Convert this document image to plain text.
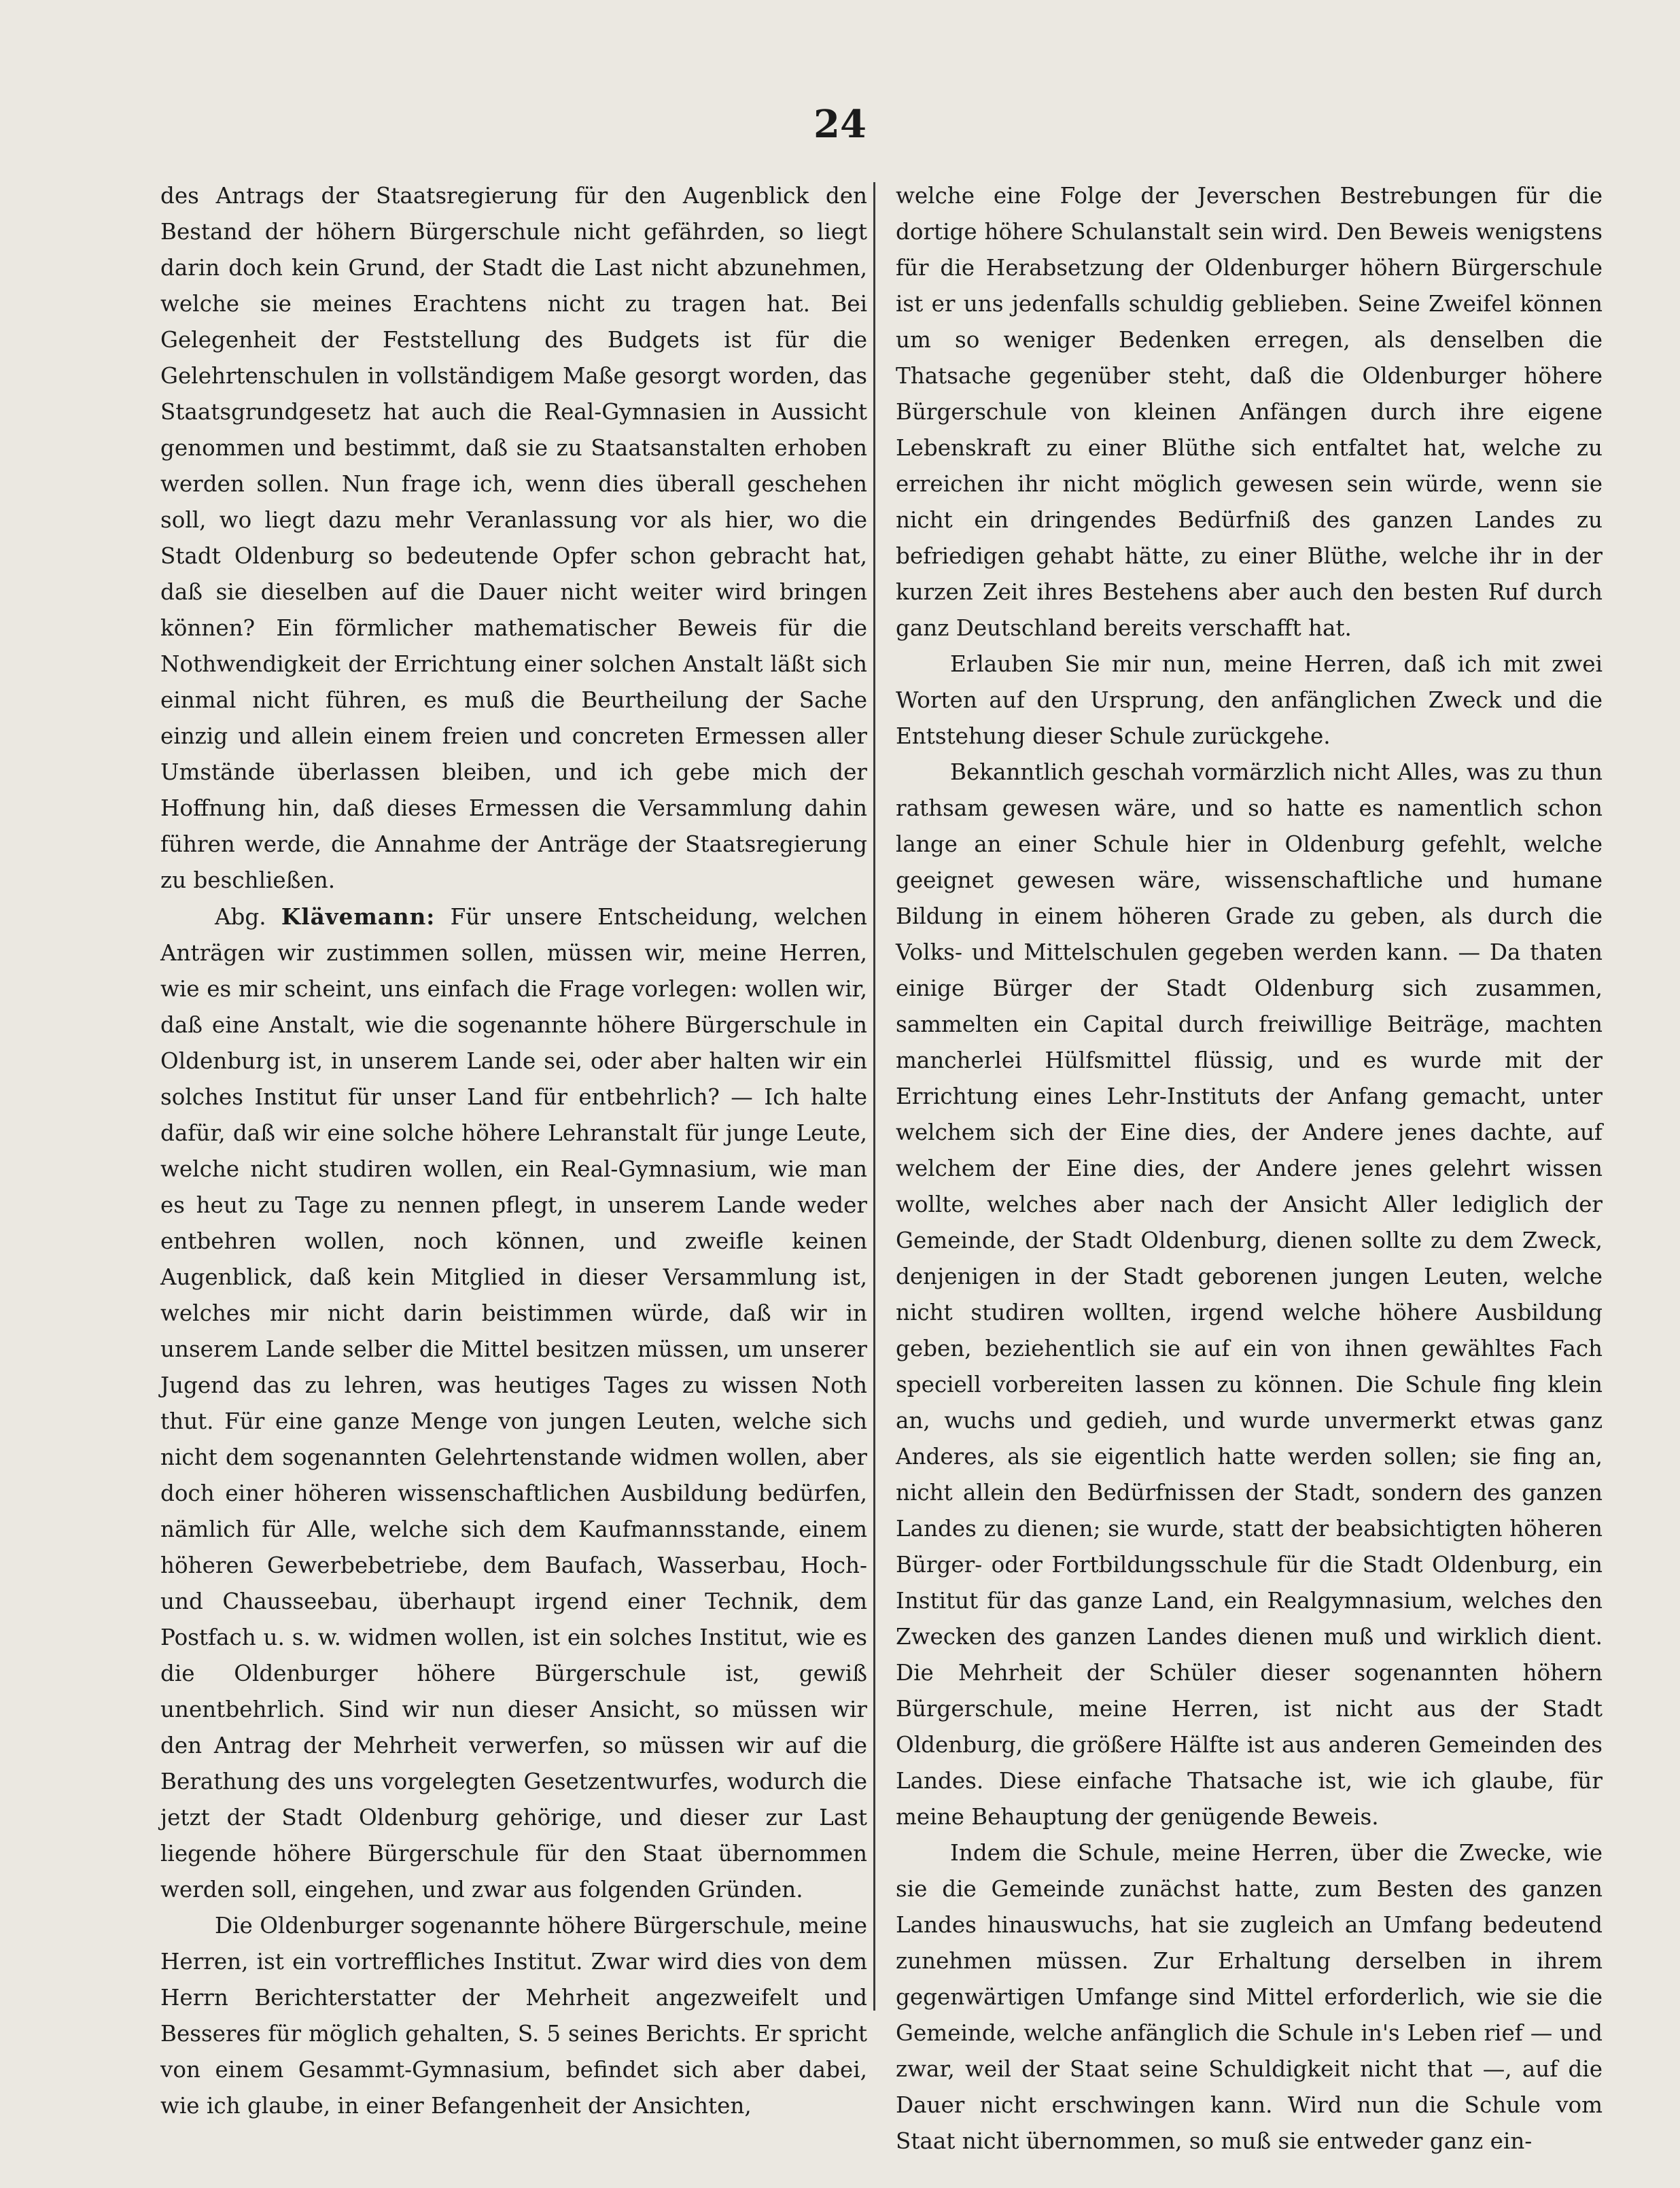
24

des Antrags der Staatsregierung für den Augenblick den Bestand der höhern Bürgerschule nicht gefährden, so liegt darin doch kein Grund, der Stadt die Last nicht abzunehmen, welche sie meines Erachtens nicht zu tragen hat. Bei Gelegenheit der Feststellung des Budgets ist für die Gelehrtenschulen in vollständigem Maße gesorgt worden, das Staatsgrundgesetz hat auch die Real-Gymnasien in Aussicht genommen und bestimmt, daß sie zu Staatsanstalten erhoben werden sollen. Nun frage ich, wenn dies überall geschehen soll, wo liegt dazu mehr Veranlassung vor als hier, wo die Stadt Oldenburg so bedeutende Opfer schon gebracht hat, daß sie dieselben auf die Dauer nicht weiter wird bringen können? Ein förmlicher mathematischer Beweis für die Nothwendigkeit der Errichtung einer solchen Anstalt läßt sich einmal nicht führen, es muß die Beurtheilung der Sache einzig und allein einem freien und concreten Ermessen aller Umstände überlassen bleiben, und ich gebe mich der Hoffnung hin, daß dieses Ermessen die Versammlung dahin führen werde, die Annahme der Anträge der Staatsregierung zu beschließen.

Abg. Klävemann: Für unsere Entscheidung, welchen Anträgen wir zustimmen sollen, müssen wir, meine Herren, wie es mir scheint, uns einfach die Frage vorlegen: wollen wir, daß eine Anstalt, wie die sogenannte höhere Bürgerschule in Oldenburg ist, in unserem Lande sei, oder aber halten wir ein solches Institut für unser Land für entbehrlich? — Ich halte dafür, daß wir eine solche höhere Lehranstalt für junge Leute, welche nicht studiren wollen, ein Real-Gymnasium, wie man es heut zu Tage zu nennen pflegt, in unserem Lande weder entbehren wollen, noch können, und zweifle keinen Augenblick, daß kein Mitglied in dieser Versammlung ist, welches mir nicht darin beistimmen würde, daß wir in unserem Lande selber die Mittel besitzen müssen, um unserer Jugend das zu lehren, was heutiges Tages zu wissen Noth thut. Für eine ganze Menge von jungen Leuten, welche sich nicht dem sogenannten Gelehrtenstande widmen wollen, aber doch einer höheren wissenschaftlichen Ausbildung bedürfen, nämlich für Alle, welche sich dem Kaufmannsstande, einem höheren Gewerbebetriebe, dem Baufach, Wasserbau, Hoch- und Chausseebau, überhaupt irgend einer Technik, dem Postfach u. s. w. widmen wollen, ist ein solches Institut, wie es die Oldenburger höhere Bürgerschule ist, gewiß unentbehrlich. Sind wir nun dieser Ansicht, so müssen wir den Antrag der Mehrheit verwerfen, so müssen wir auf die Berathung des uns vorgelegten Gesetzentwurfes, wodurch die jetzt der Stadt Oldenburg gehörige, und dieser zur Last liegende höhere Bürgerschule für den Staat übernommen werden soll, eingehen, und zwar aus folgenden Gründen.

Die Oldenburger sogenannte höhere Bürgerschule, meine Herren, ist ein vortreffliches Institut. Zwar wird dies von dem Herrn Berichterstatter der Mehrheit angezweifelt und Besseres für möglich gehalten, S. 5 seines Berichts. Er spricht von einem Gesammt-Gymnasium, befindet sich aber dabei, wie ich glaube, in einer Befangenheit der Ansichten,

welche eine Folge der Jeverschen Bestrebungen für die dortige höhere Schulanstalt sein wird. Den Beweis wenigstens für die Herabsetzung der Oldenburger höhern Bürgerschule ist er uns jedenfalls schuldig geblieben. Seine Zweifel können um so weniger Bedenken erregen, als denselben die Thatsache gegenüber steht, daß die Oldenburger höhere Bürgerschule von kleinen Anfängen durch ihre eigene Lebenskraft zu einer Blüthe sich entfaltet hat, welche zu erreichen ihr nicht möglich gewesen sein würde, wenn sie nicht ein dringendes Bedürfniß des ganzen Landes zu befriedigen gehabt hätte, zu einer Blüthe, welche ihr in der kurzen Zeit ihres Bestehens aber auch den besten Ruf durch ganz Deutschland bereits verschafft hat.

Erlauben Sie mir nun, meine Herren, daß ich mit zwei Worten auf den Ursprung, den anfänglichen Zweck und die Entstehung dieser Schule zurückgehe.

Bekanntlich geschah vormärzlich nicht Alles, was zu thun rathsam gewesen wäre, und so hatte es namentlich schon lange an einer Schule hier in Oldenburg gefehlt, welche geeignet gewesen wäre, wissenschaftliche und humane Bildung in einem höheren Grade zu geben, als durch die Volks- und Mittelschulen gegeben werden kann. — Da thaten einige Bürger der Stadt Oldenburg sich zusammen, sammelten ein Capital durch freiwillige Beiträge, machten mancherlei Hülfsmittel flüssig, und es wurde mit der Errichtung eines Lehr-Instituts der Anfang gemacht, unter welchem sich der Eine dies, der Andere jenes dachte, auf welchem der Eine dies, der Andere jenes gelehrt wissen wollte, welches aber nach der Ansicht Aller lediglich der Gemeinde, der Stadt Oldenburg, dienen sollte zu dem Zweck, denjenigen in der Stadt geborenen jungen Leuten, welche nicht studiren wollten, irgend welche höhere Ausbildung geben, beziehentlich sie auf ein von ihnen gewähltes Fach speciell vorbereiten lassen zu können. Die Schule fing klein an, wuchs und gedieh, und wurde unvermerkt etwas ganz Anderes, als sie eigentlich hatte werden sollen; sie fing an, nicht allein den Bedürfnissen der Stadt, sondern des ganzen Landes zu dienen; sie wurde, statt der beabsichtigten höheren Bürger- oder Fortbildungsschule für die Stadt Oldenburg, ein Institut für das ganze Land, ein Realgymnasium, welches den Zwecken des ganzen Landes dienen muß und wirklich dient. Die Mehrheit der Schüler dieser sogenannten höhern Bürgerschule, meine Herren, ist nicht aus der Stadt Oldenburg, die größere Hälfte ist aus anderen Gemeinden des Landes. Diese einfache Thatsache ist, wie ich glaube, für meine Behauptung der genügende Beweis.

Indem die Schule, meine Herren, über die Zwecke, wie sie die Gemeinde zunächst hatte, zum Besten des ganzen Landes hinauswuchs, hat sie zugleich an Umfang bedeutend zunehmen müssen. Zur Erhaltung derselben in ihrem gegenwärtigen Umfange sind Mittel erforderlich, wie sie die Gemeinde, welche anfänglich die Schule in's Leben rief — und zwar, weil der Staat seine Schuldigkeit nicht that —, auf die Dauer nicht erschwingen kann. Wird nun die Schule vom Staat nicht übernommen, so muß sie entweder ganz ein-
